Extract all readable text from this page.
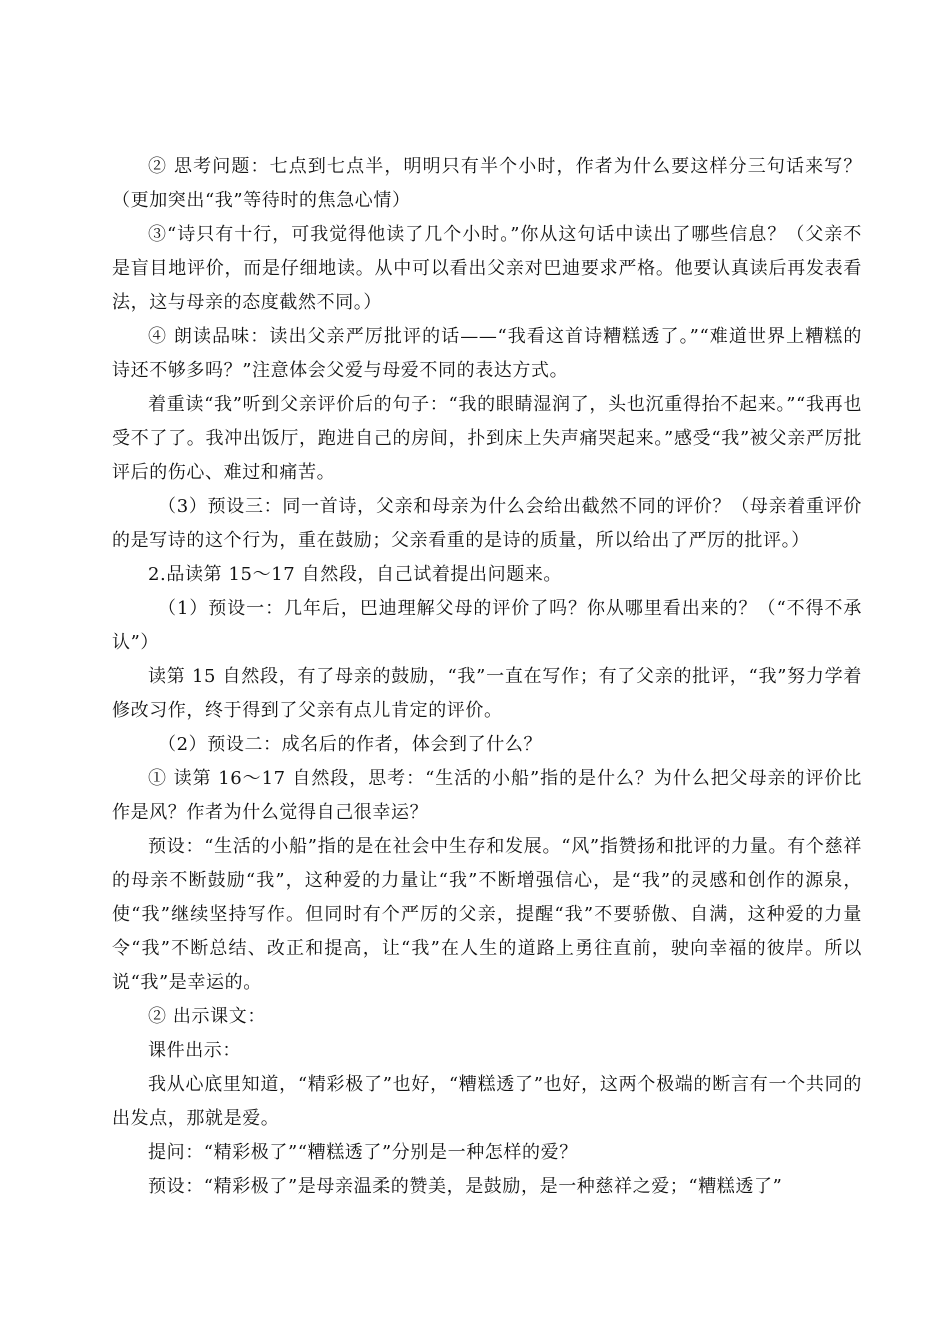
② 思考问题：七点到七点半，明明只有半个小时，作者为什么要这样分三句话来写？（更加突出“我”等待时的焦急心情）

③“诗只有十行，可我觉得他读了几个小时。”你从这句话中读出了哪些信息？（父亲不是盲目地评价，而是仔细地读。从中可以看出父亲对巴迪要求严格。他要认真读后再发表看法，这与母亲的态度截然不同。）

④ 朗读品味：读出父亲严厉批评的话——“我看这首诗糟糕透了。”“难道世界上糟糕的诗还不够多吗？”注意体会父爱与母爱不同的表达方式。

着重读“我”听到父亲评价后的句子：“我的眼睛湿润了，头也沉重得抬不起来。”“我再也受不了了。我冲出饭厅，跑进自己的房间，扑到床上失声痛哭起来。”感受“我”被父亲严厉批评后的伤心、难过和痛苦。

（3）预设三：同一首诗，父亲和母亲为什么会给出截然不同的评价？（母亲着重评价的是写诗的这个行为，重在鼓励；父亲看重的是诗的质量，所以给出了严厉的批评。）

2.品读第 15～17 自然段，自己试着提出问题来。

（1）预设一：几年后，巴迪理解父母的评价了吗？你从哪里看出来的？（“不得不承认”）

读第 15 自然段，有了母亲的鼓励，“我”一直在写作；有了父亲的批评，“我”努力学着修改习作，终于得到了父亲有点儿肯定的评价。

（2）预设二：成名后的作者，体会到了什么？

① 读第 16～17 自然段，思考：“生活的小船”指的是什么？为什么把父母亲的评价比作是风？作者为什么觉得自己很幸运？

预设：“生活的小船”指的是在社会中生存和发展。“风”指赞扬和批评的力量。有个慈祥的母亲不断鼓励“我”，这种爱的力量让“我”不断增强信心，是“我”的灵感和创作的源泉，使“我”继续坚持写作。但同时有个严厉的父亲，提醒“我”不要骄傲、自满，这种爱的力量令“我”不断总结、改正和提高，让“我”在人生的道路上勇往直前，驶向幸福的彼岸。所以说“我”是幸运的。

② 出示课文：

课件出示：

我从心底里知道，“精彩极了”也好，“糟糕透了”也好，这两个极端的断言有一个共同的出发点，那就是爱。

提问：“精彩极了”“糟糕透了”分别是一种怎样的爱？

预设：“精彩极了”是母亲温柔的赞美，是鼓励，是一种慈祥之爱；“糟糕透了”
